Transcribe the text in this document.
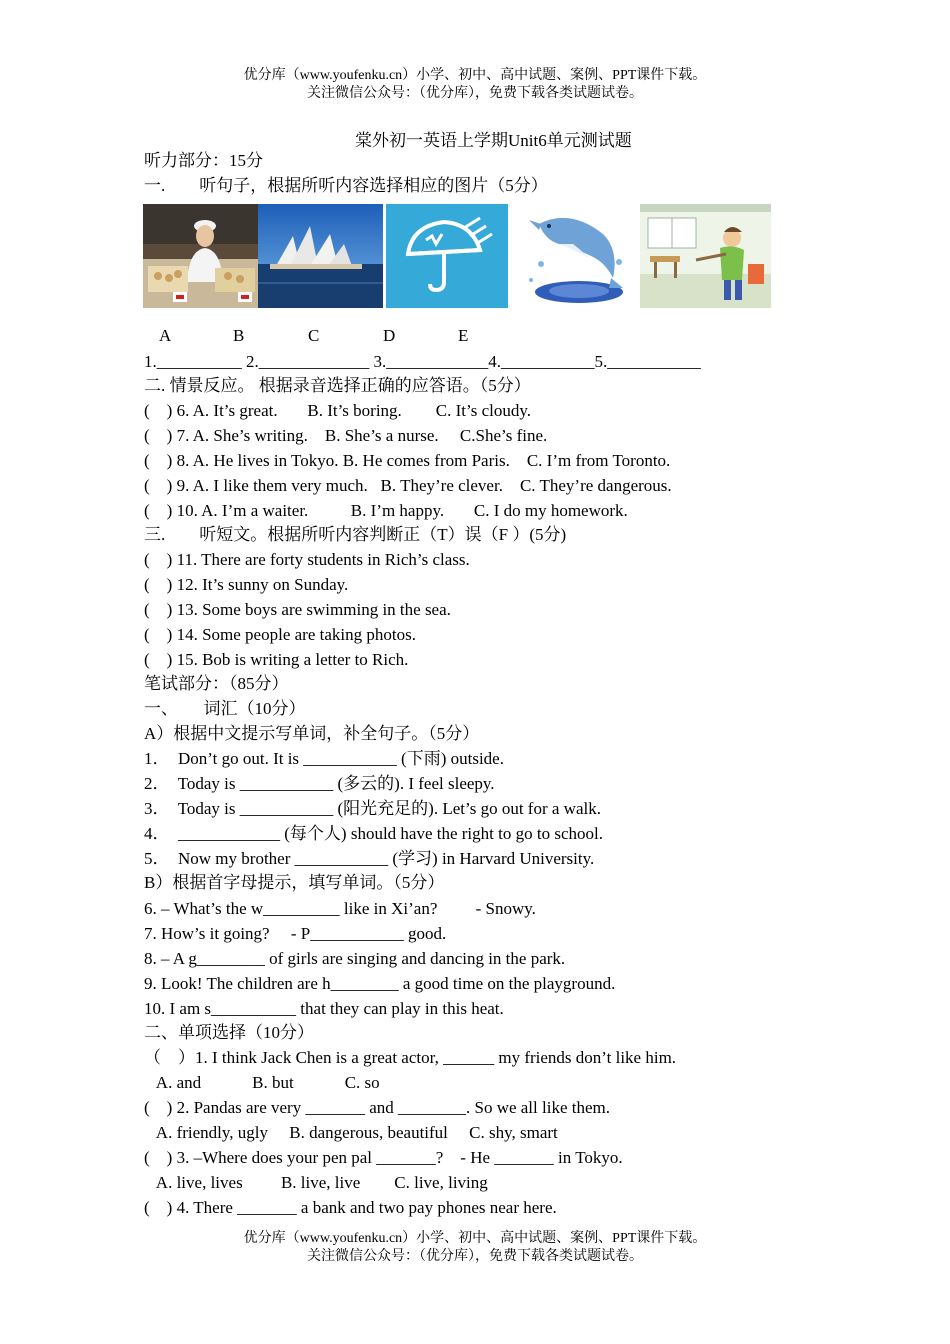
优分库（www.youfenku.cn）小学、初中、高中试题、案例、PPT课件下载。
关注微信公众号：（优分库），免费下载各类试题试卷。
棠外初一英语上学期Unit6单元测试题
听力部分：15分
一.　　听句子，根据所听内容选择相应的图片（5分）
A	B	C	D	E
1.__________ 2._____________ 3.____________4.___________5.___________
二. 情景反应。 根据录音选择正确的应答语。（5分）
(    ) 6. A. It’s great.       B. It’s boring.        C. It’s cloudy.
(    ) 7. A. She’s writing.    B. She’s a nurse.     C.She’s fine.
(    ) 8. A. He lives in Tokyo. B. He comes from Paris.    C. I’m from Toronto.
(    ) 9. A. I like them very much.   B. They’re clever.    C. They’re dangerous.
(    ) 10. A. I’m a waiter.          B. I’m happy.       C. I do my homework.
三.　　听短文。根据所听内容判断正（T）误（F ）(5分)
(    ) 11. There are forty students in Rich’s class.
(    ) 12. It’s sunny on Sunday.
(    ) 13. Some boys are swimming in the sea.
(    ) 14. Some people are taking photos.
(    ) 15. Bob is writing a letter to Rich.
笔试部分：（85分）
一、　　词汇（10分）
A）根据中文提示写单词，补全句子。（5分）
1．  Don’t go out. It is ___________ (下雨) outside.
2．  Today is ___________ (多云的). I feel sleepy.
3．  Today is ___________ (阳光充足的). Let’s go out for a walk.
4．  ____________ (每个人) should have the right to go to school.
5．  Now my brother ___________ (学习) in Harvard University.
B）根据首字母提示，填写单词。（5分）
6. – What’s the w_________ like in Xi’an?         - Snowy.
7. How’s it going?     - P___________ good.
8. – A g________ of girls are singing and dancing in the park.
9. Look! The children are h________ a good time on the playground.
10. I am s__________ that they can play in this heat.
二、单项选择（10分）
（    ）1. I think Jack Chen is a great actor, ______ my friends don’t like him.
A. and            B. but            C. so
(    ) 2. Pandas are very _______ and ________. So we all like them.
A. friendly, ugly     B. dangerous, beautiful     C. shy, smart
(    ) 3. –Where does your pen pal _______?    - He _______ in Tokyo.
A. live, lives         B. live, live        C. live, living
(    ) 4. There _______ a bank and two pay phones near here.
优分库（www.youfenku.cn）小学、初中、高中试题、案例、PPT课件下载。
关注微信公众号：（优分库），免费下载各类试题试卷。
